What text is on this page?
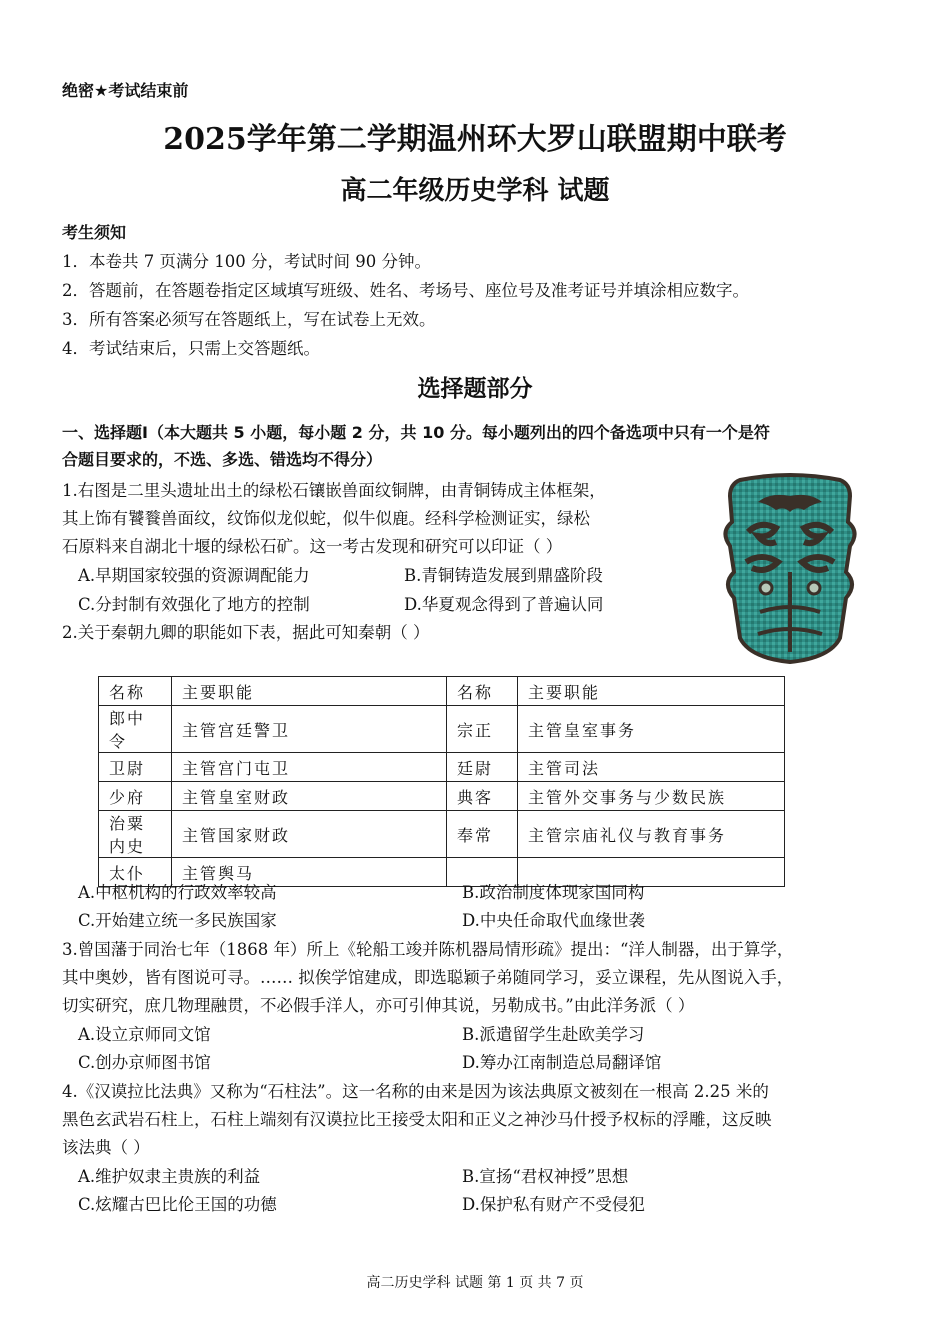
绝密★考试结束前
2025学年第二学期温州环大罗山联盟期中联考
高二年级历史学科 试题
考生须知
1．本卷共 7 页满分 100 分，考试时间 90 分钟。
2．答题前，在答题卷指定区域填写班级、姓名、考场号、座位号及准考证号并填涂相应数字。
3．所有答案必须写在答题纸上，写在试卷上无效。
4．考试结束后，只需上交答题纸。
选择题部分
一、选择题Ⅰ（本大题共 5 小题，每小题 2 分，共 10 分。每小题列出的四个备选项中只有一个是符
合题目要求的，不选、多选、错选均不得分）
1.右图是二里头遗址出土的绿松石镶嵌兽面纹铜牌，由青铜铸成主体框架，
其上饰有饕餮兽面纹，纹饰似龙似蛇，似牛似鹿。经科学检测证实，绿松
石原料来自湖北十堰的绿松石矿。这一考古发现和研究可以印证（ ）
A.早期国家较强的资源调配能力	B.青铜铸造发展到鼎盛阶段
C.分封制有效强化了地方的控制	D.华夏观念得到了普遍认同
2.关于秦朝九卿的职能如下表，据此可知秦朝（ ）
名称	主要职能	名称	主要职能
郎中令	主管宫廷警卫	宗正	主管皇室事务
卫尉	主管宫门屯卫	廷尉	主管司法
少府	主管皇室财政	典客	主管外交事务与少数民族
治粟内史	主管国家财政	奉常	主管宗庙礼仪与教育事务
太仆	主管舆马		
A.中枢机构的行政效率较高	B.政治制度体现家国同构
C.开始建立统一多民族国家	D.中央任命取代血缘世袭
3.曾国藩于同治七年（1868 年）所上《轮船工竣并陈机器局情形疏》提出：“洋人制器，出于算学，
其中奥妙，皆有图说可寻。…… 拟俟学馆建成，即选聪颖子弟随同学习，妥立课程，先从图说入手，
切实研究，庶几物理融贯，不必假手洋人，亦可引伸其说，另勒成书。”由此洋务派（ ）
A.设立京师同文馆	B.派遣留学生赴欧美学习
C.创办京师图书馆	D.筹办江南制造总局翻译馆
4.《汉谟拉比法典》又称为“石柱法”。这一名称的由来是因为该法典原文被刻在一根高 2.25 米的
黑色玄武岩石柱上，石柱上端刻有汉谟拉比王接受太阳和正义之神沙马什授予权标的浮雕，这反映
该法典（ ）
A.维护奴隶主贵族的利益	B.宣扬“君权神授”思想
C.炫耀古巴比伦王国的功德	D.保护私有财产不受侵犯
高二历史学科 试题 第 1 页 共 7 页
